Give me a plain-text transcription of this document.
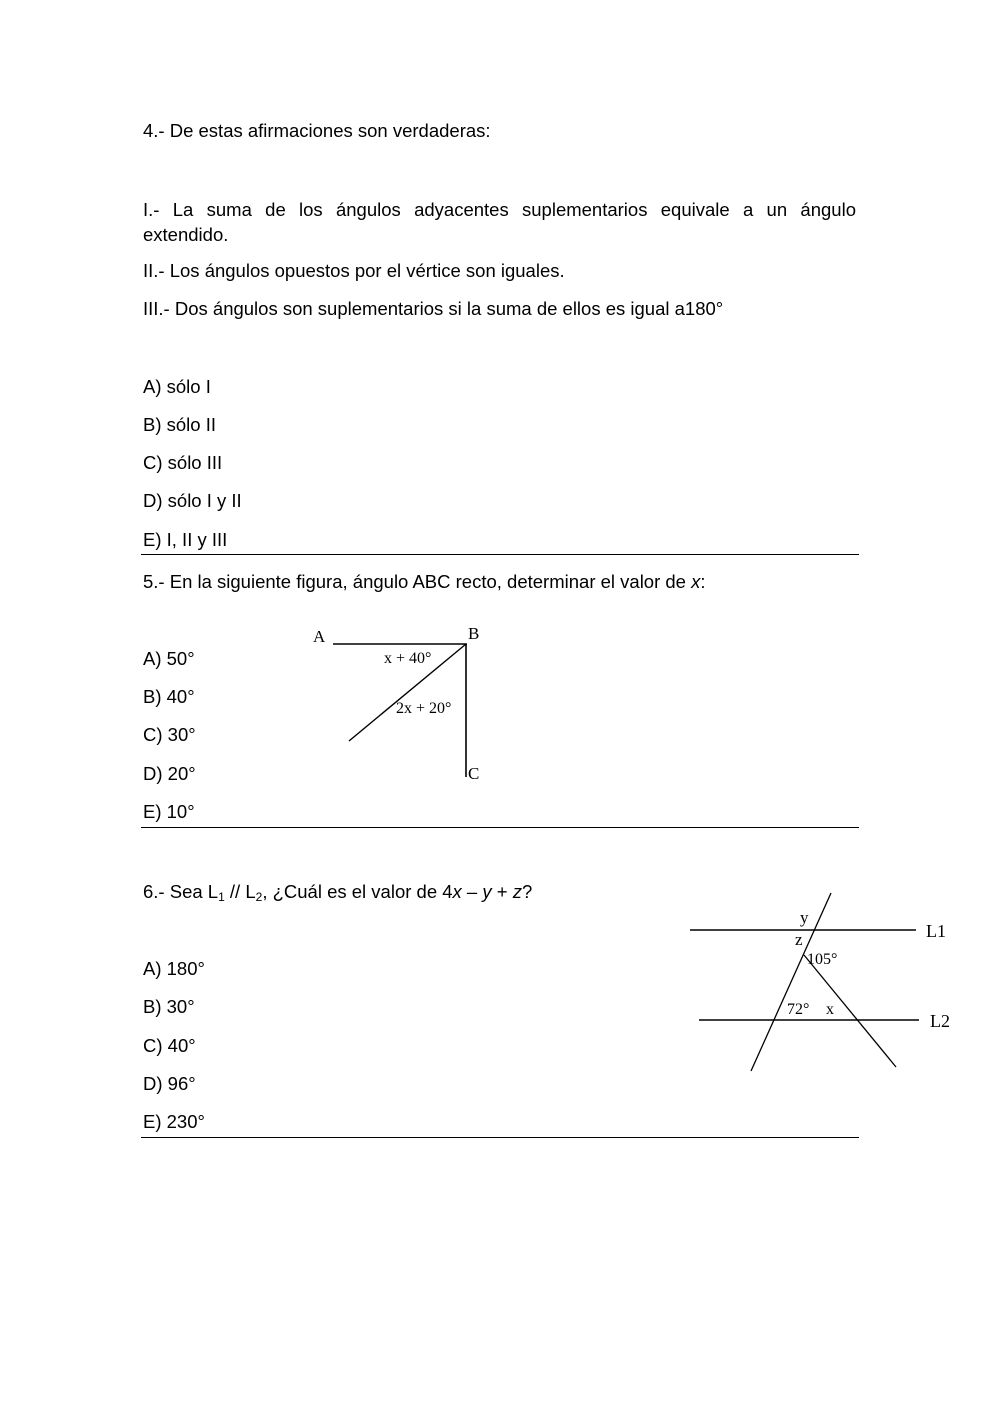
4.- De estas afirmaciones son verdaderas:
I.- La suma de los ángulos adyacentes suplementarios equivale a un ángulo extendido.
II.- Los ángulos opuestos por el vértice son iguales.
III.- Dos ángulos son suplementarios si la suma de ellos es igual a180°
A) sólo I
B) sólo II
C) sólo III
D) sólo I y II
E) I, II y III
5.- En la siguiente figura, ángulo ABC recto, determinar el valor de x:
A) 50°
B) 40°
C) 30°
D) 20°
E) 10°
A	B
C
x + 40°
2x + 20°
6.- Sea $L_1 // L_2$, ¿Cuál es el valor de 4x – y + z?
A) 180°
B) 30°
C) 40°
D) 96°
E) 230°
L1
L2
y
z
105°
72° x
